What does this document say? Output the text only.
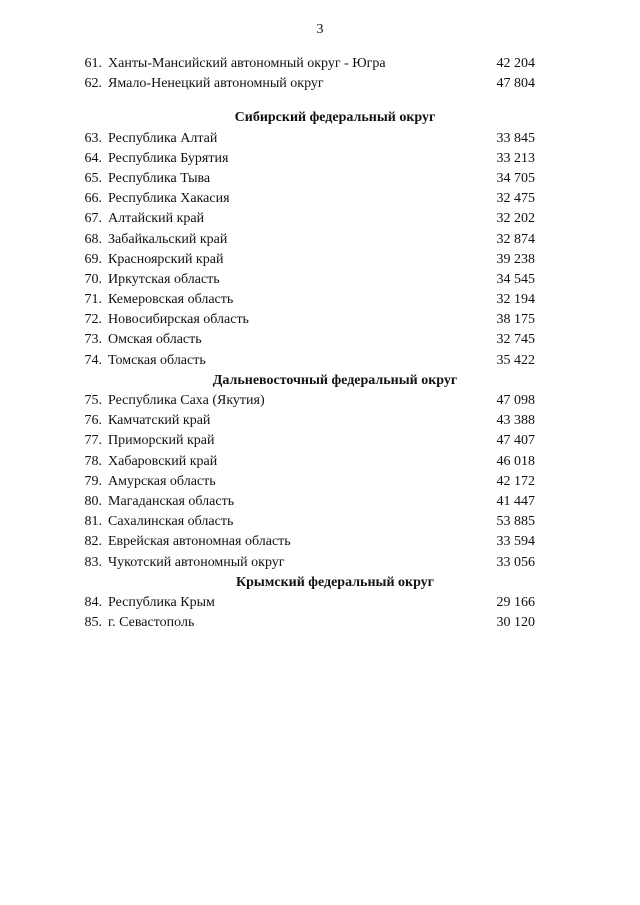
3
61. Ханты-Мансийский автономный округ - Югра	42 204
62. Ямало-Ненецкий автономный округ	47 804
Сибирский федеральный округ
63. Республика Алтай	33 845
64. Республика Бурятия	33 213
65. Республика Тыва	34 705
66. Республика Хакасия	32 475
67. Алтайский край	32 202
68. Забайкальский край	32 874
69. Красноярский край	39 238
70. Иркутская область	34 545
71. Кемеровская область	32 194
72. Новосибирская область	38 175
73. Омская область	32 745
74. Томская область	35 422
Дальневосточный федеральный округ
75. Республика Саха (Якутия)	47 098
76. Камчатский край	43 388
77. Приморский край	47 407
78. Хабаровский край	46 018
79. Амурская область	42 172
80. Магаданская область	41 447
81. Сахалинская область	53 885
82. Еврейская автономная область	33 594
83. Чукотский автономный округ	33 056
Крымский федеральный округ
84. Республика Крым	29 166
85. г. Севастополь	30 120
